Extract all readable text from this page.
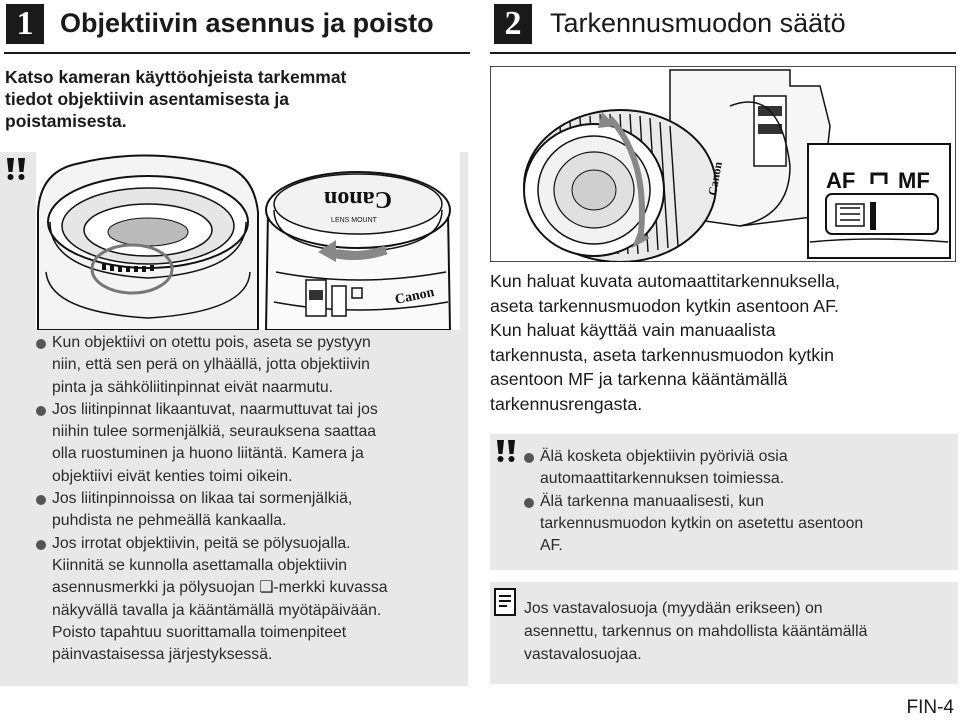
1 Objektiivin asennus ja poisto
Katso kameran käyttöohjeista tarkemmat
tiedot objektiivin asentamisesta ja
poistamisesta.
Canon
LENS MOUNT
Canon
Kun objektiivi on otettu pois, aseta se pystyyn
niin, että sen perä on ylhäällä, jotta objektiivin
pinta ja sähköliitinpinnat eivät naarmutu.
Jos liitinpinnat likaantuvat, naarmuttuvat tai jos
niihin tulee sormenjälkiä, seurauksena saattaa
olla ruostuminen ja huono liitäntä. Kamera ja
objektiivi eivät kenties toimi oikein.
Jos liitinpinnoissa on likaa tai sormenjälkiä,
puhdista ne pehmeällä kankaalla.
Jos irrotat objektiivin, peitä se pölysuojalla.
Kiinnitä se kunnolla asettamalla objektiivin
asennusmerkki ja pölysuojan ❏-merkki kuvassa
näkyvällä tavalla ja kääntämällä myötäpäivään.
Poisto tapahtuu suorittamalla toimenpiteet
päinvastaisessa järjestyksessä.
2	Tarkennusmuodon säätö
Canon	AF MF
Kun haluat kuvata automaattitarkennuksella,
aseta tarkennusmuodon kytkin asentoon AF.
Kun haluat käyttää vain manuaalista
tarkennusta, aseta tarkennusmuodon kytkin
asentoon MF ja tarkenna kääntämällä
tarkennusrengasta.
Älä kosketa objektiivin pyöriviä osia
automaattitarkennuksen toimiessa.
Älä tarkenna manuaalisesti, kun
tarkennusmuodon kytkin on asetettu asentoon
AF.
Jos vastavalosuoja (myydään erikseen) on
asennettu, tarkennus on mahdollista kääntämällä
vastavalosuojaa.
FIN-4
